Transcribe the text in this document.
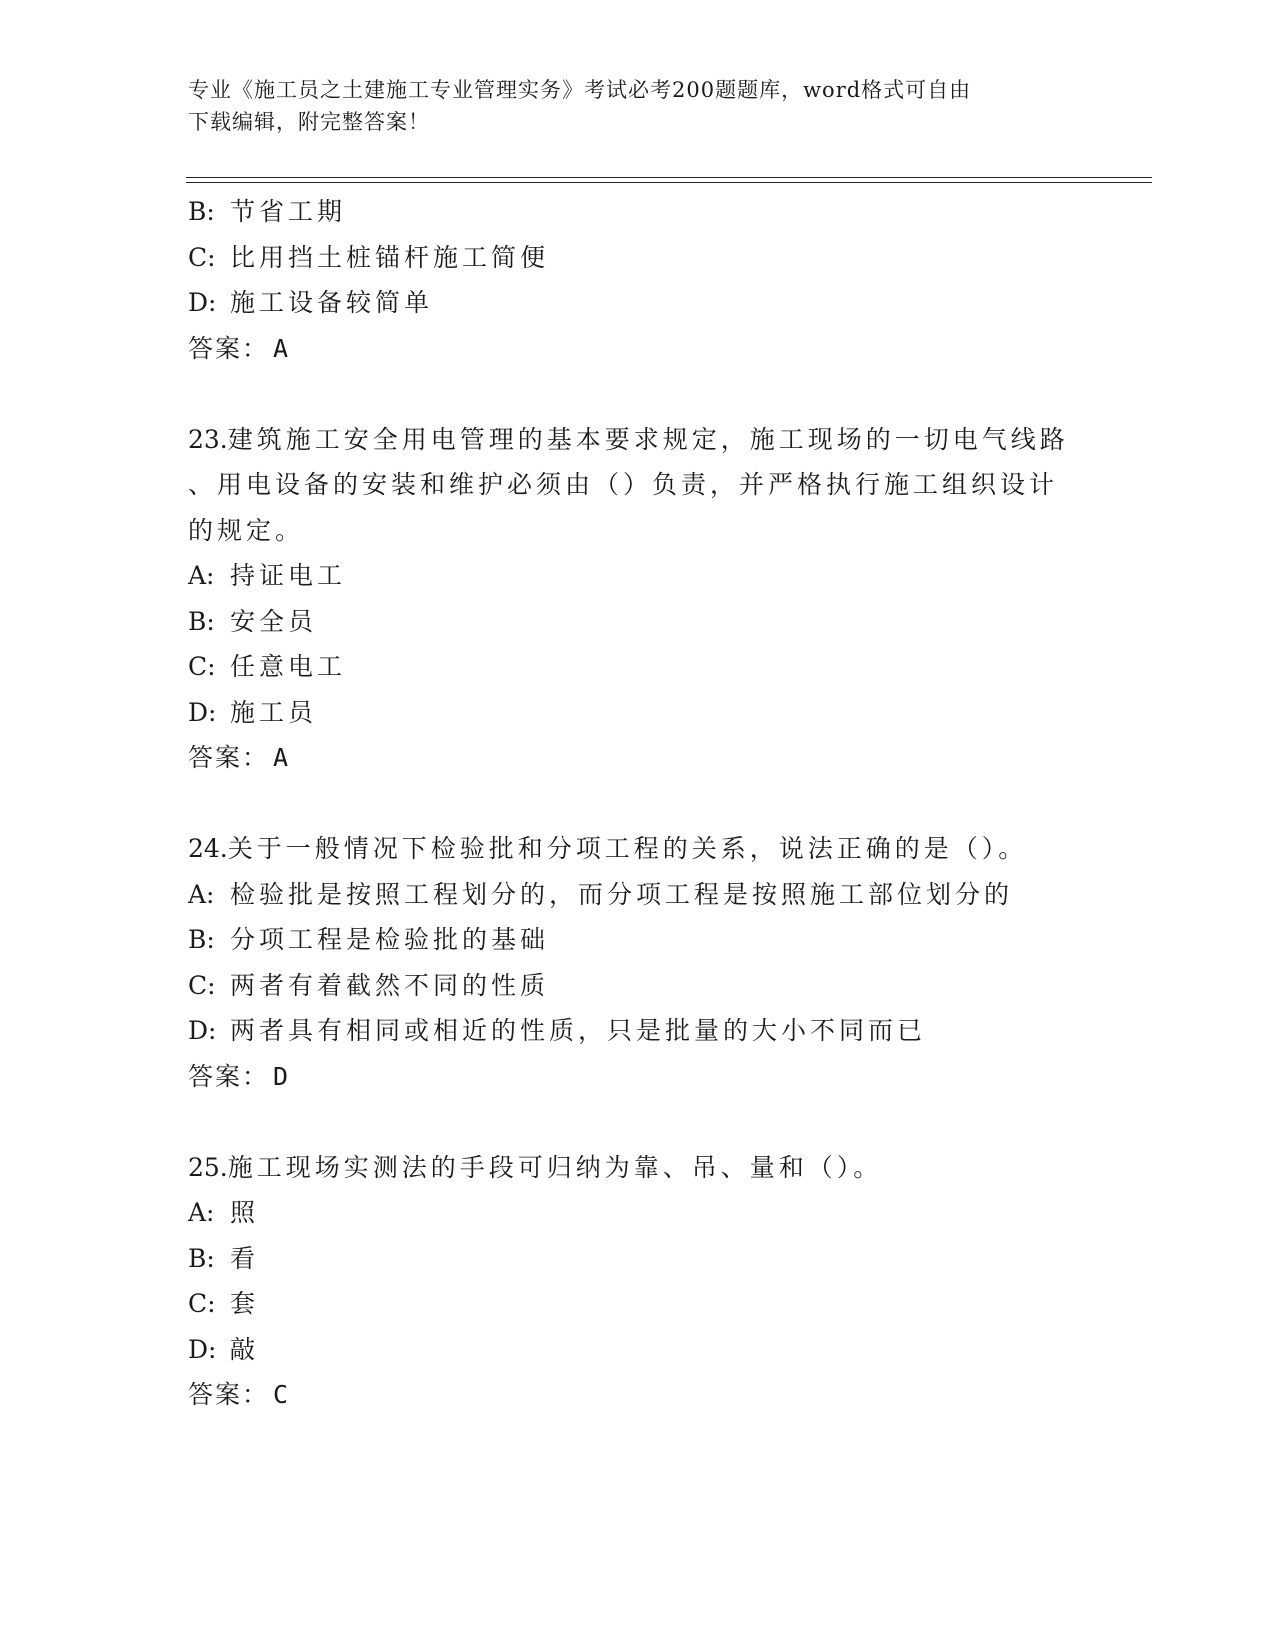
专业《施工员之土建施工专业管理实务》考试必考200题题库，word格式可自由
下载编辑，附完整答案！
B: 节省工期
C: 比用挡土桩锚杆施工简便
D: 施工设备较简单
答案： A
23.建筑施工安全用电管理的基本要求规定，施工现场的一切电气线路
、用电设备的安装和维护必须由（）负责，并严格执行施工组织设计
的规定。
A: 持证电工
B: 安全员
C: 任意电工
D: 施工员
答案： A
24.关于一般情况下检验批和分项工程的关系，说法正确的是（）。
A: 检验批是按照工程划分的，而分项工程是按照施工部位划分的
B: 分项工程是检验批的基础
C: 两者有着截然不同的性质
D: 两者具有相同或相近的性质，只是批量的大小不同而已
答案： D
25.施工现场实测法的手段可归纳为靠、吊、量和（）。
A: 照
B: 看
C: 套
D: 敲
答案： C
